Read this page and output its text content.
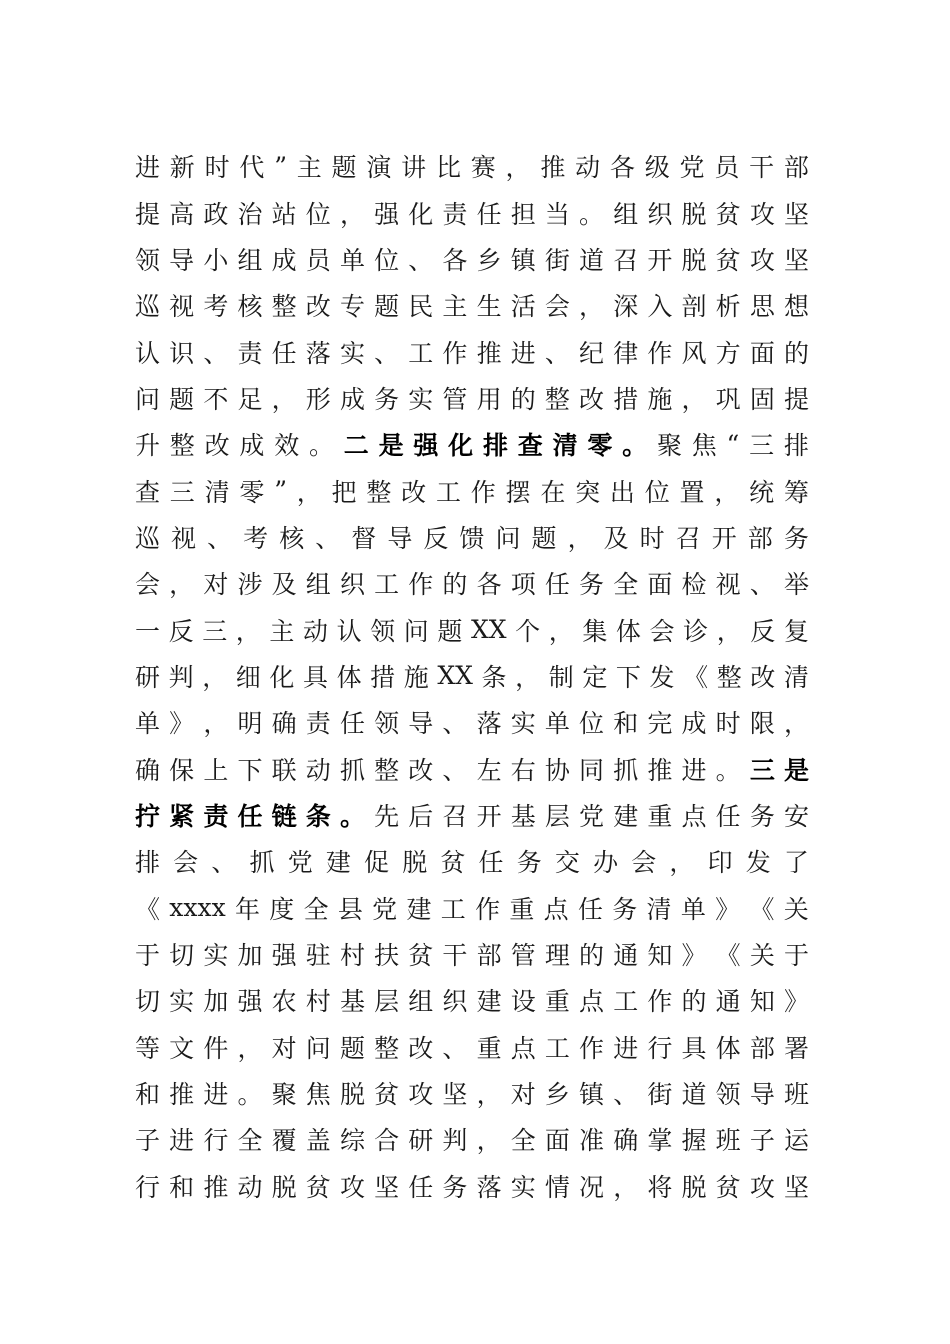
进 新 时 代 ” 主 题 演 讲 比 赛 ， 推 动 各 级 党 员 干 部
提 高 政 治 站 位 ， 强 化 责 任 担 当 。 组 织 脱 贫 攻 坚
领 导 小 组 成 员 单 位 、 各 乡 镇 街 道 召 开 脱 贫 攻 坚
巡 视 考 核 整 改 专 题 民 主 生 活 会 ， 深 入 剖 析 思 想
认 识 、 责 任 落 实 、 工 作 推 进 、 纪 律 作 风 方 面 的
问 题 不 足 ， 形 成 务 实 管 用 的 整 改 措 施 ， 巩 固 提
升 整 改 成 效 。 二 是 强 化 排 查 清 零 。 聚 焦 “ 三 排
查 三 清 零 ” ， 把 整 改 工 作 摆 在 突 出 位 置 ， 统 筹
巡 视 、 考 核 、 督 导 反 馈 问 题 ， 及 时 召 开 部 务
会 ， 对 涉 及 组 织 工 作 的 各 项 任 务 全 面 检 视 、 举
一 反 三 ， 主 动 认 领 问 题 XX 个 ， 集 体 会 诊 ， 反 复
研 判 ， 细 化 具 体 措 施 XX 条 ， 制 定 下 发 《 整 改 清
单 》 ， 明 确 责 任 领 导 、 落 实 单 位 和 完 成 时 限 ，
确 保 上 下 联 动 抓 整 改 、 左 右 协 同 抓 推 进 。 三 是
拧 紧 责 任 链 条 。 先 后 召 开 基 层 党 建 重 点 任 务 安
排 会 、 抓 党 建 促 脱 贫 任 务 交 办 会 ， 印 发 了
《 xxxx 年 度 全 县 党 建 工 作 重 点 任 务 清 单 》 《 关
于 切 实 加 强 驻 村 扶 贫 干 部 管 理 的 通 知 》 《 关 于
切 实 加 强 农 村 基 层 组 织 建 设 重 点 工 作 的 通 知 》
等 文 件 ， 对 问 题 整 改 、 重 点 工 作 进 行 具 体 部 署
和 推 进 。 聚 焦 脱 贫 攻 坚 ， 对 乡 镇 、 街 道 领 导 班
子 进 行 全 覆 盖 综 合 研 判 ， 全 面 准 确 掌 握 班 子 运
行 和 推 动 脱 贫 攻 坚 任 务 落 实 情 况 ， 将 脱 贫 攻 坚
